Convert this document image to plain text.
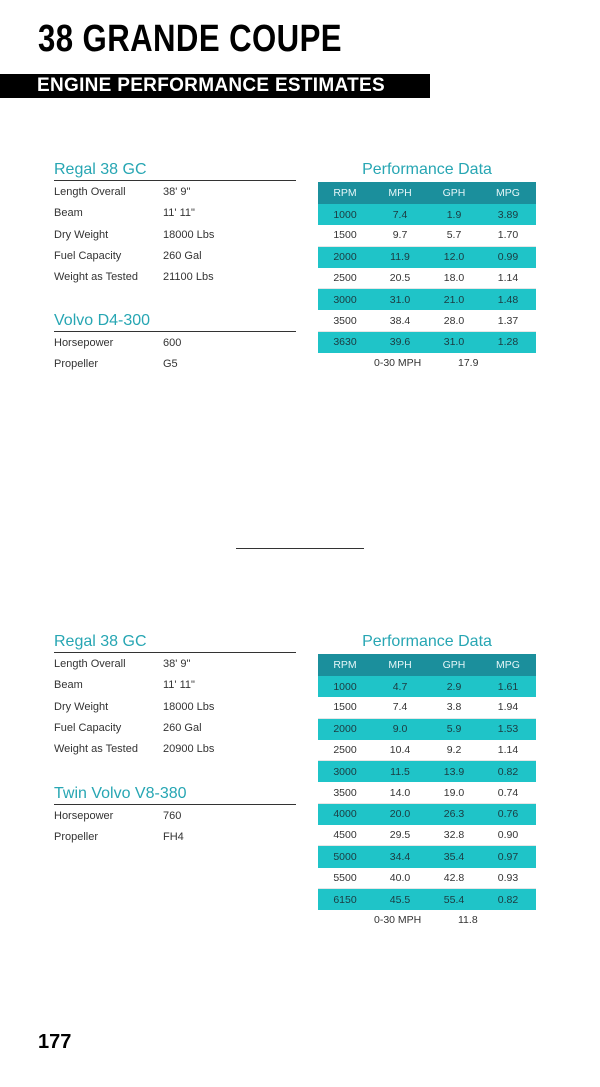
38 GRANDE COUPE
ENGINE PERFORMANCE ESTIMATES
Regal 38 GC
Length Overall	38' 9"
Beam	11' 11"
Dry Weight	18000 Lbs
Fuel Capacity	260 Gal
Weight as Tested 21100 Lbs
Volvo D4-300
Horsepower	600
Propeller	G5
Performance Data
RPM	MPH	GPH	MPG
1000	7.4	1.9	3.89
1500	9.7	5.7	1.70
2000	11.9	12.0	0.99
2500	20.5	18.0	1.14
3000	31.0	21.0	1.48
3500	38.4	28.0	1.37
3630	39.6	31.0	1.28
0-30 MPH	17.9
Regal 38 GC
Length Overall	38' 9"
Beam	11' 11"
Dry Weight	18000 Lbs
Fuel Capacity	260 Gal
Weight as Tested 20900 Lbs
Twin Volvo V8-380
Horsepower	760
Propeller	FH4
Performance Data
RPM	MPH	GPH	MPG
1000	4.7	2.9	1.61
1500	7.4	3.8	1.94
2000	9.0	5.9	1.53
2500	10.4	9.2	1.14
3000	11.5	13.9	0.82
3500	14.0	19.0	0.74
4000	20.0	26.3	0.76
4500	29.5	32.8	0.90
5000	34.4	35.4	0.97
5500	40.0	42.8	0.93
6150	45.5	55.4	0.82
0-30 MPH	11.8
177
